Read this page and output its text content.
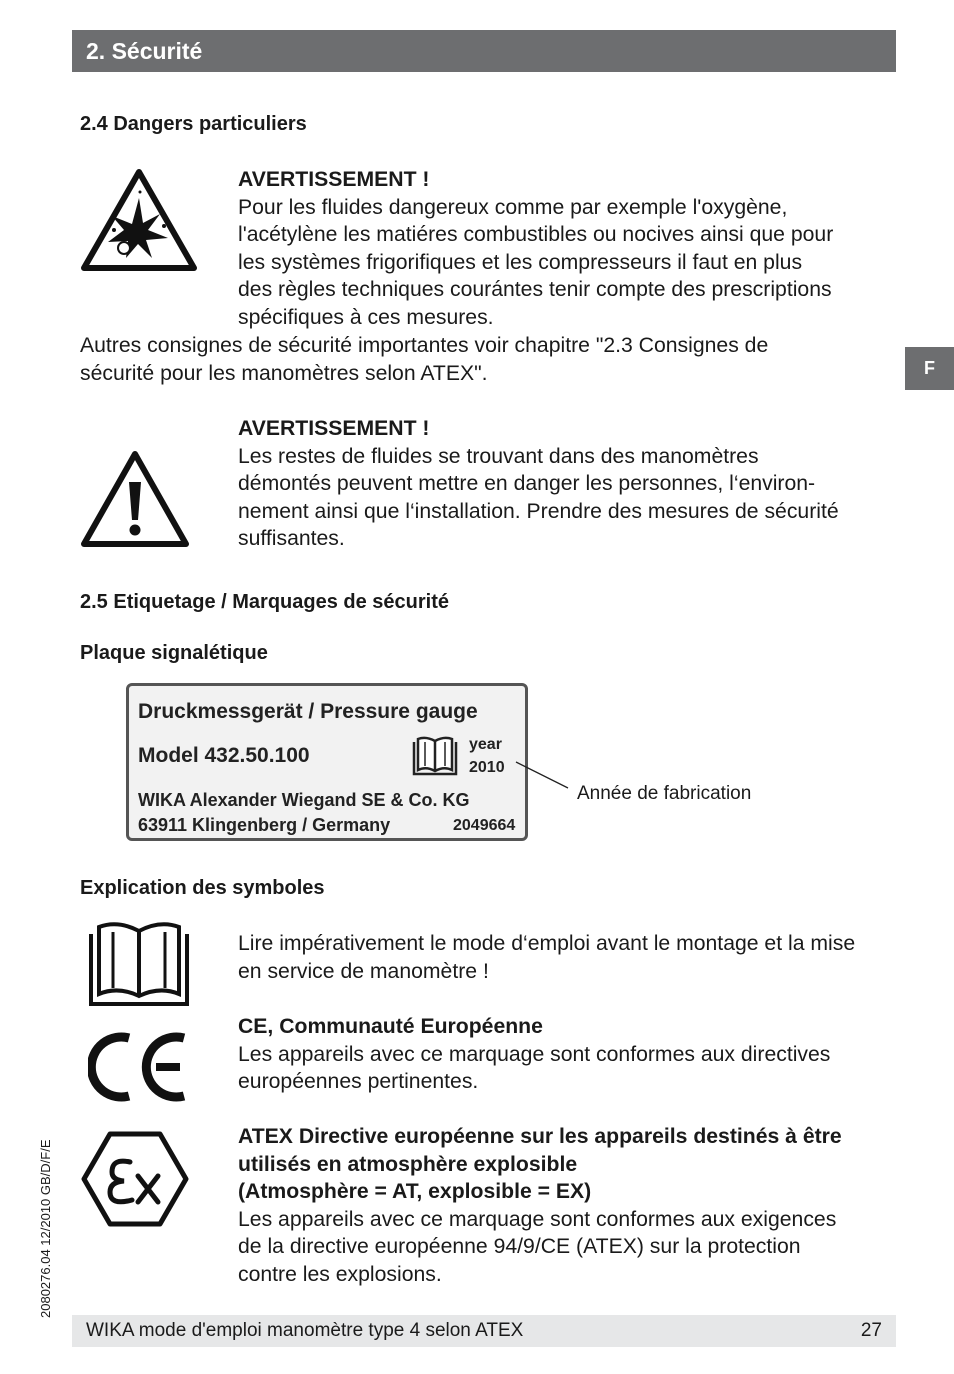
2. Sécurité
F
2.4 Dangers particuliers
AVERTISSEMENT !
Pour les fluides dangereux comme par exemple l'oxygène,
l'acétylène les matiéres combustibles ou nocives ainsi que pour
les systèmes frigorifiques et les compresseurs il faut en plus
des règles techniques courántes tenir compte des prescriptions
spécifiques à ces mesures.
Autres consignes de sécurité importantes voir chapitre "2.3 Consignes de
sécurité pour les manomètres selon ATEX".
AVERTISSEMENT !
Les restes de fluides se trouvant dans des manomètres
démontés peuvent mettre en danger les personnes, l‘environ-
nement ainsi que l‘installation. Prendre des mesures de sécurité
suffisantes.
2.5 Etiquetage / Marquages de sécurité
Plaque signalétique
Druckmessgerät / Pressure gauge
Model 432.50.100	year
2010
WIKA Alexander Wiegand SE & Co. KG
63911 Klingenberg / Germany	2049664
Année de fabrication
Explication des symboles
Lire impérativement le mode d‘emploi avant le montage et la mise
en service de manomètre !
CE, Communauté Européenne
Les appareils avec ce marquage sont conformes aux directives
européennes pertinentes.
ATEX Directive européenne sur les appareils destinés à être
utilisés en atmosphère explosible
(Atmosphère = AT, explosible = EX)
Les appareils avec ce marquage sont conformes aux exigences
de la directive européenne 94/9/CE (ATEX) sur la protection
contre les explosions.
2080276.04 12/2010 GB/D/F/E
WIKA mode d'emploi manomètre type 4 selon ATEX	27
